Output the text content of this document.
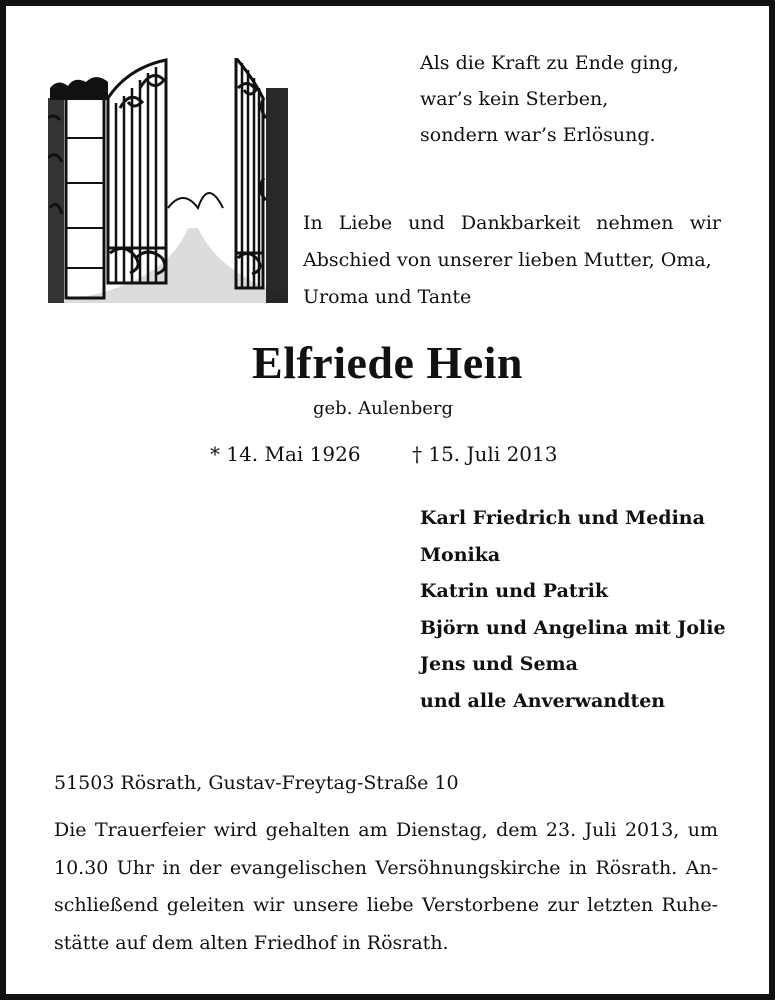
Als die Kraft zu Ende ging,
war’s kein Sterben,
sondern war’s Erlösung.
In Liebe und Dankbarkeit nehmen wir
Abschied von unserer lieben Mutter, Oma,
Uroma und Tante
Elfriede Hein
geb. Aulenberg
* 14. Mai 1926	† 15. Juli 2013
Karl Friedrich und Medina
Monika
Katrin und Patrik
Björn und Angelina mit Jolie
Jens und Sema
und alle Anverwandten
51503 Rösrath, Gustav-Freytag-Straße 10
Die Trauerfeier wird gehalten am Dienstag, dem 23. Juli 2013, um
10.30 Uhr in der evangelischen Versöhnungskirche in Rösrath. An-
schließend geleiten wir unsere liebe Verstorbene zur letzten Ruhe-
stätte auf dem alten Friedhof in Rösrath.
